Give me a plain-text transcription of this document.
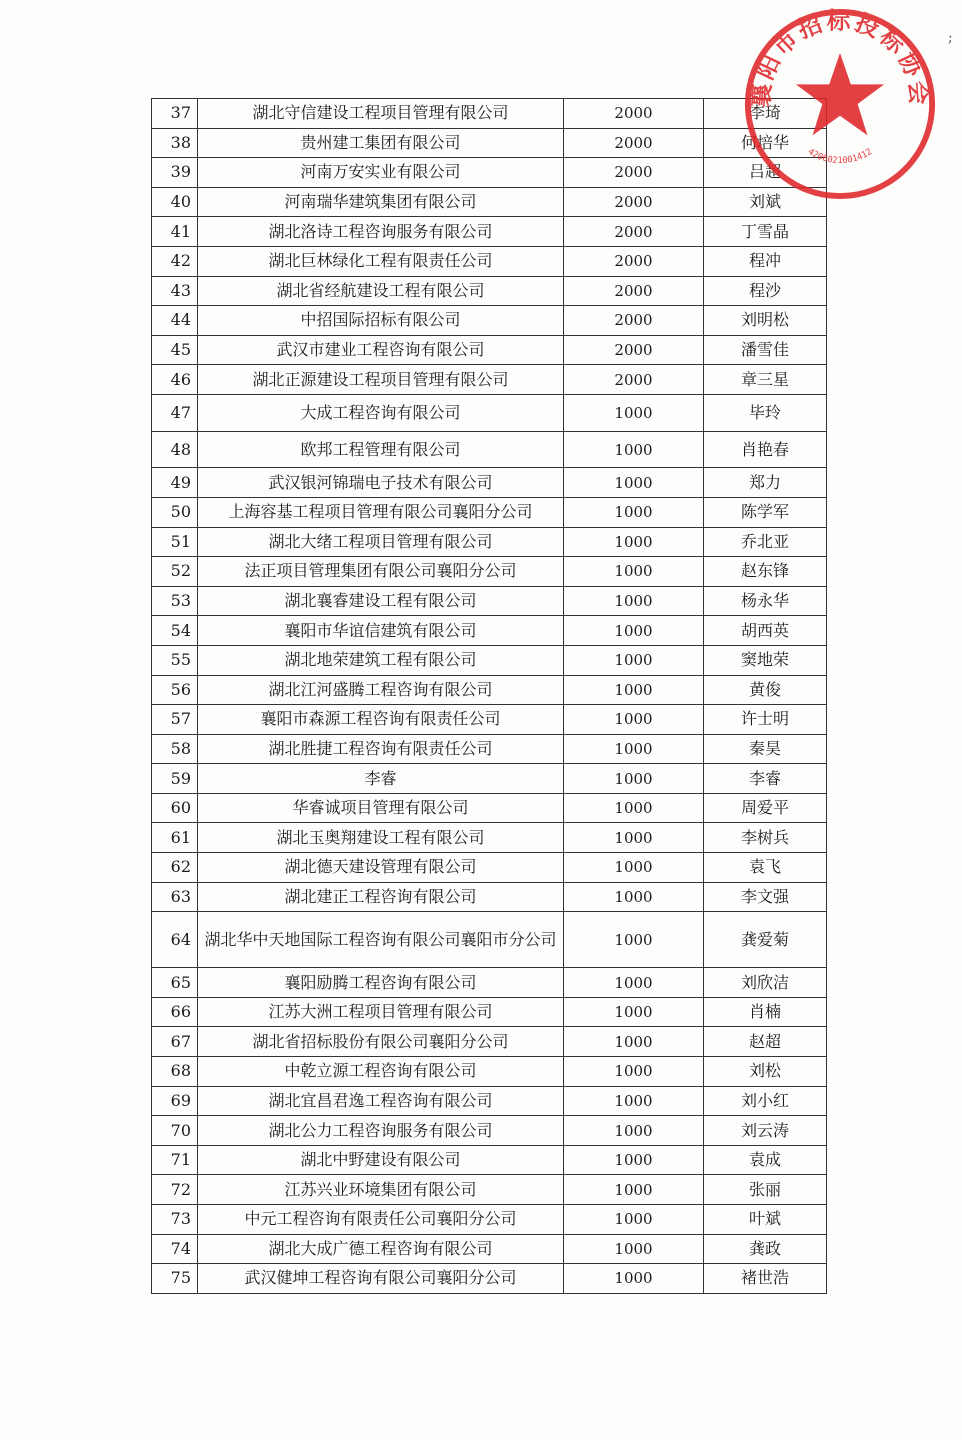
37	湖北守信建设工程项目管理有限公司	2000	李琦
38	贵州建工集团有限公司	2000	何培华
39	河南万安实业有限公司	2000	吕超
40	河南瑞华建筑集团有限公司	2000	刘斌
41	湖北洛诗工程咨询服务有限公司	2000	丁雪晶
42	湖北巨林绿化工程有限责任公司	2000	程冲
43	湖北省经航建设工程有限公司	2000	程沙
44	中招国际招标有限公司	2000	刘明松
45	武汉市建业工程咨询有限公司	2000	潘雪佳
46	湖北正源建设工程项目管理有限公司	2000	章三星
47	大成工程咨询有限公司	1000	毕玲
48	欧邦工程管理有限公司	1000	肖艳春
49	武汉银河锦瑞电子技术有限公司	1000	郑力
50	上海容基工程项目管理有限公司襄阳分公司	1000	陈学军
51	湖北大绪工程项目管理有限公司	1000	乔北亚
52	法正项目管理集团有限公司襄阳分公司	1000	赵东锋
53	湖北襄睿建设工程有限公司	1000	杨永华
54	襄阳市华谊信建筑有限公司	1000	胡西英
55	湖北地荣建筑工程有限公司	1000	窦地荣
56	湖北江河盛腾工程咨询有限公司	1000	黄俊
57	襄阳市森源工程咨询有限责任公司	1000	许士明
58	湖北胜捷工程咨询有限责任公司	1000	秦昊
59	李睿	1000	李睿
60	华睿诚项目管理有限公司	1000	周爱平
61	湖北玉奥翔建设工程有限公司	1000	李树兵
62	湖北德天建设管理有限公司	1000	袁飞
63	湖北建正工程咨询有限公司	1000	李文强
64	湖北华中天地国际工程咨询有限公司襄阳市分公司	1000	龚爱菊
65	襄阳励腾工程咨询有限公司	1000	刘欣洁
66	江苏大洲工程项目管理有限公司	1000	肖楠
67	湖北省招标股份有限公司襄阳分公司	1000	赵超
68	中乾立源工程咨询有限公司	1000	刘松
69	湖北宜昌君逸工程咨询有限公司	1000	刘小红
70	湖北公力工程咨询服务有限公司	1000	刘云涛
71	湖北中野建设有限公司	1000	袁成
72	江苏兴业环境集团有限公司	1000	张丽
73	中元工程咨询有限责任公司襄阳分公司	1000	叶斌
74	湖北大成广德工程咨询有限公司	1000	龚政
75	武汉健坤工程咨询有限公司襄阳分公司	1000	褚世浩
襄阳市招标投标协会
4206021001412
;
